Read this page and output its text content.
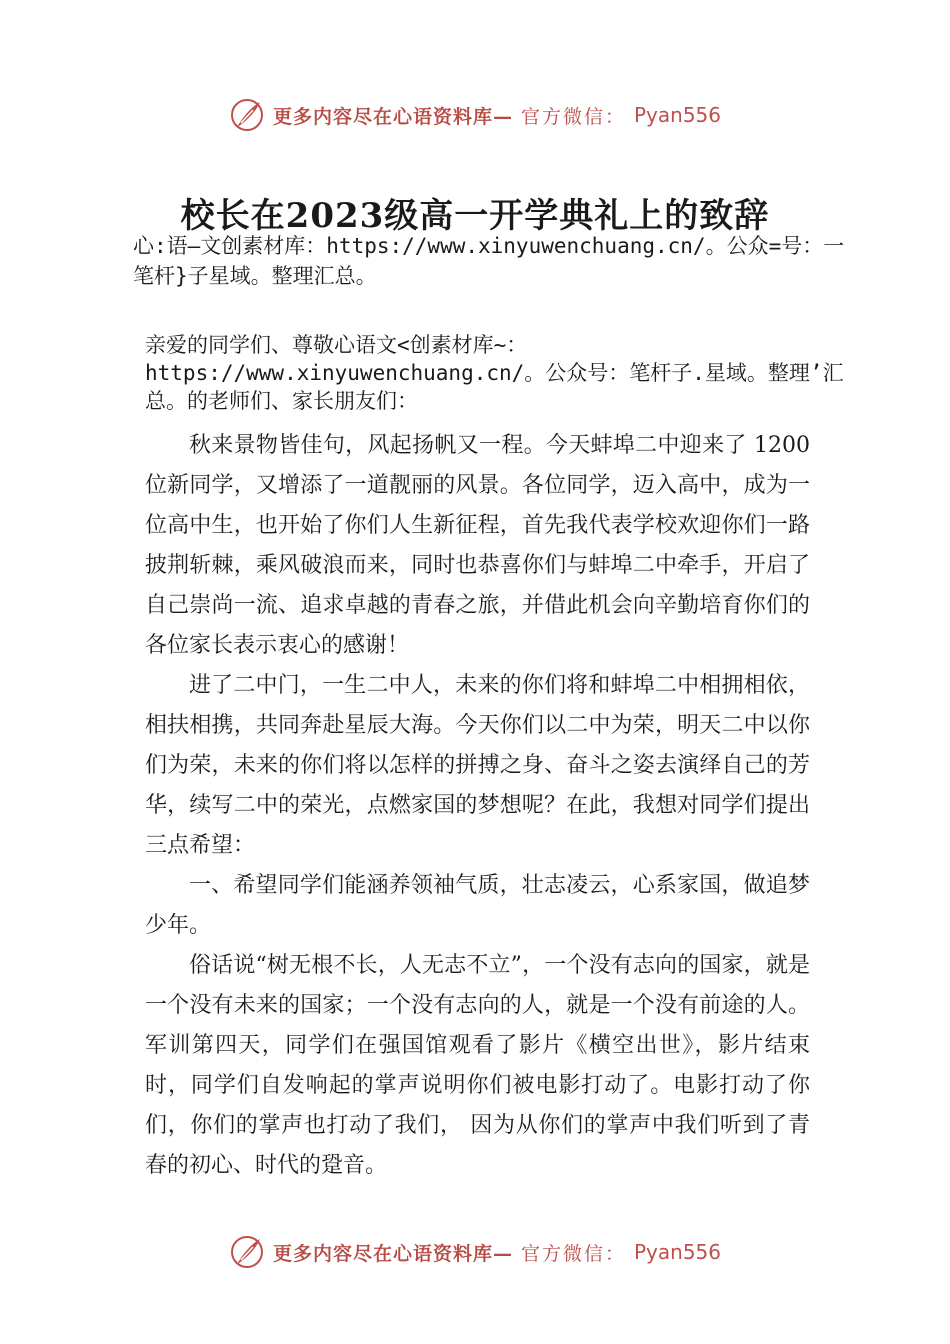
更多内容尽在心语资料库— 官方微信： Pyan556
校长在2023级高一开学典礼上的致辞

心:语—文创素材库：https://www.xinyuwenchuang.cn/。公众=号：一笔杆}子星域。整理汇总。

亲爱的同学们、尊敬心语文<创素材库~：https://www.xinyuwenchuang.cn/。公众号：笔杆子.星域。整理’汇总。的老师们、家长朋友们：

秋来景物皆佳句，风起扬帆又一程。今天蚌埠二中迎来了 1200 位新同学，又增添了一道靓丽的风景。各位同学，迈入高中，成为一位高中生，也开始了你们人生新征程，首先我代表学校欢迎你们一路披荆斩棘，乘风破浪而来，同时也恭喜你们与蚌埠二中牵手，开启了自己崇尚一流、追求卓越的青春之旅，并借此机会向辛勤培育你们的各位家长表示衷心的感谢！

进了二中门，一生二中人，未来的你们将和蚌埠二中相拥相依，相扶相携，共同奔赴星辰大海。今天你们以二中为荣，明天二中以你们为荣，未来的你们将以怎样的拼搏之身、奋斗之姿去演绎自己的芳华，续写二中的荣光，点燃家国的梦想呢？在此，我想对同学们提出三点希望：

一、希望同学们能涵养领袖气质，壮志凌云，心系家国，做追梦少年。

俗话说“树无根不长，人无志不立”，一个没有志向的国家，就是一个没有未来的国家；一个没有志向的人，就是一个没有前途的人。军训第四天，同学们在强国馆观看了影片《横空出世》，影片结束时，同学们自发响起的掌声说明你们被电影打动了。电影打动了你们，你们的掌声也打动了我们， 因为从你们的掌声中我们听到了青春的初心、时代的跫音。

更多内容尽在心语资料库— 官方微信： Pyan556
